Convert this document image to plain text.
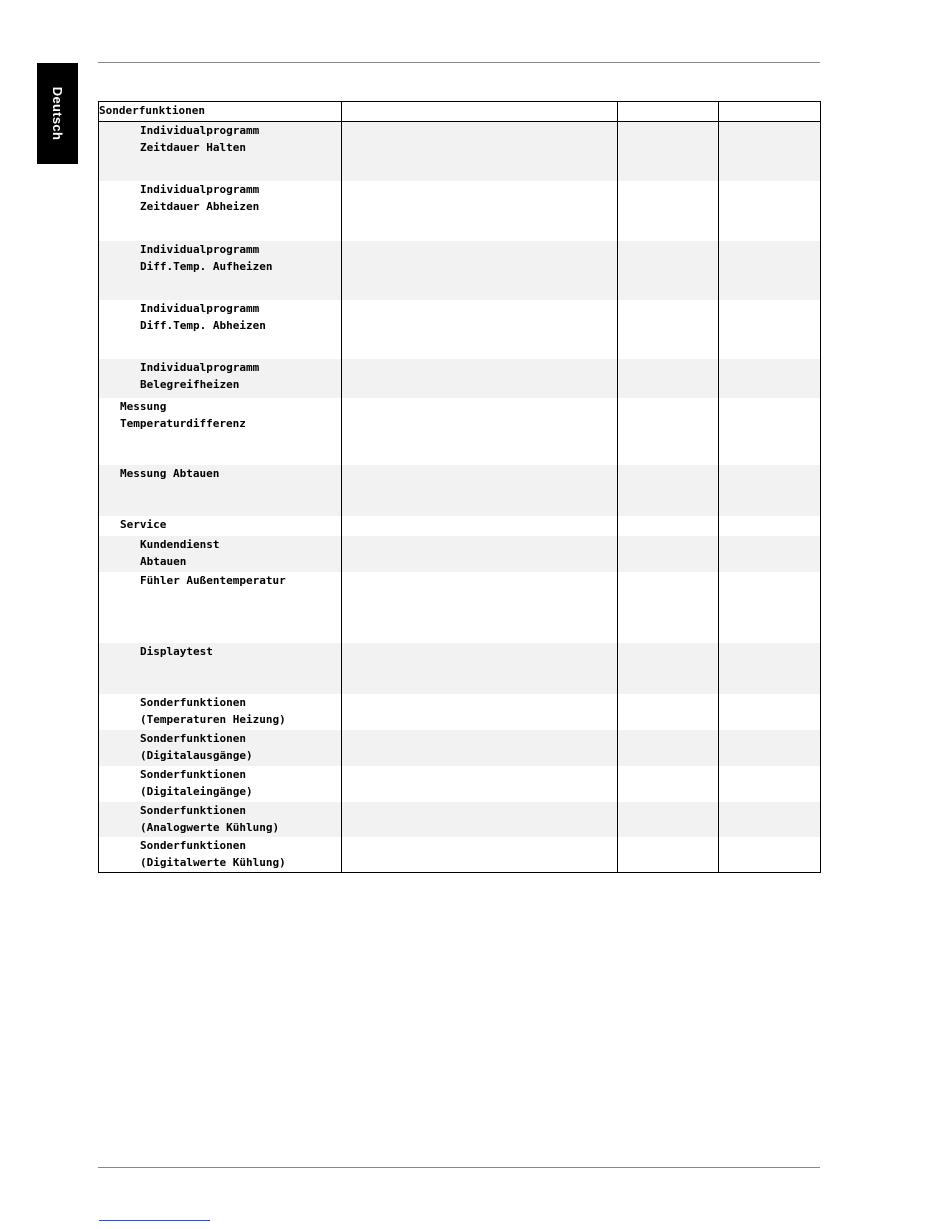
Deutsch	Sonderfunktionen			

Individualprogramm
Zeitdauer Halten			

Individualprogramm
Zeitdauer Abheizen			

Individualprogramm
Diff.Temp. Aufheizen			

Individualprogramm
Diff.Temp. Abheizen			

Individualprogramm
Belegreifheizen			

Messung
Temperaturdifferenz			

Messung Abtauen			

Service			

Kundendienst
Abtauen			

Fühler Außentemperatur			

Displaytest			

Sonderfunktionen
(Temperaturen Heizung)			

Sonderfunktionen
(Digitalausgänge)			

Sonderfunktionen
(Digitaleingänge)			

Sonderfunktionen
(Analogwerte Kühlung)			

Sonderfunktionen
(Digitalwerte Kühlung)			
